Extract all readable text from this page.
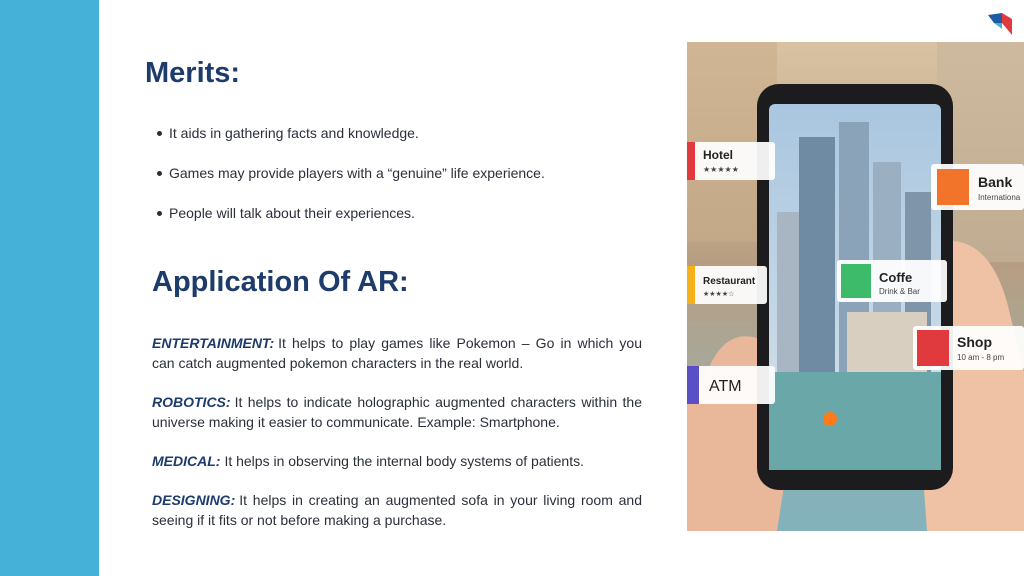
Merits:
It aids in gathering facts and knowledge.
Games may provide players with a “genuine” life experience.
People will talk about their experiences.
Application Of AR:

ENTERTAINMENT: It helps to play games like Pokemon – Go in which you can catch augmented pokemon characters in the real world.

ROBOTICS: It helps to indicate holographic augmented characters within the universe making it easier to communicate. Example: Smartphone.

MEDICAL: It helps in observing the internal body systems of patients.

DESIGNING: It helps in creating an augmented sofa in your living room and seeing if it fits or not before making a purchase.

Hotel
★★★★★
Bank
Internationa
Restaurant
★★★★☆
Coffe
Drink & Bar
Shop
10 am - 8 pm
ATM
